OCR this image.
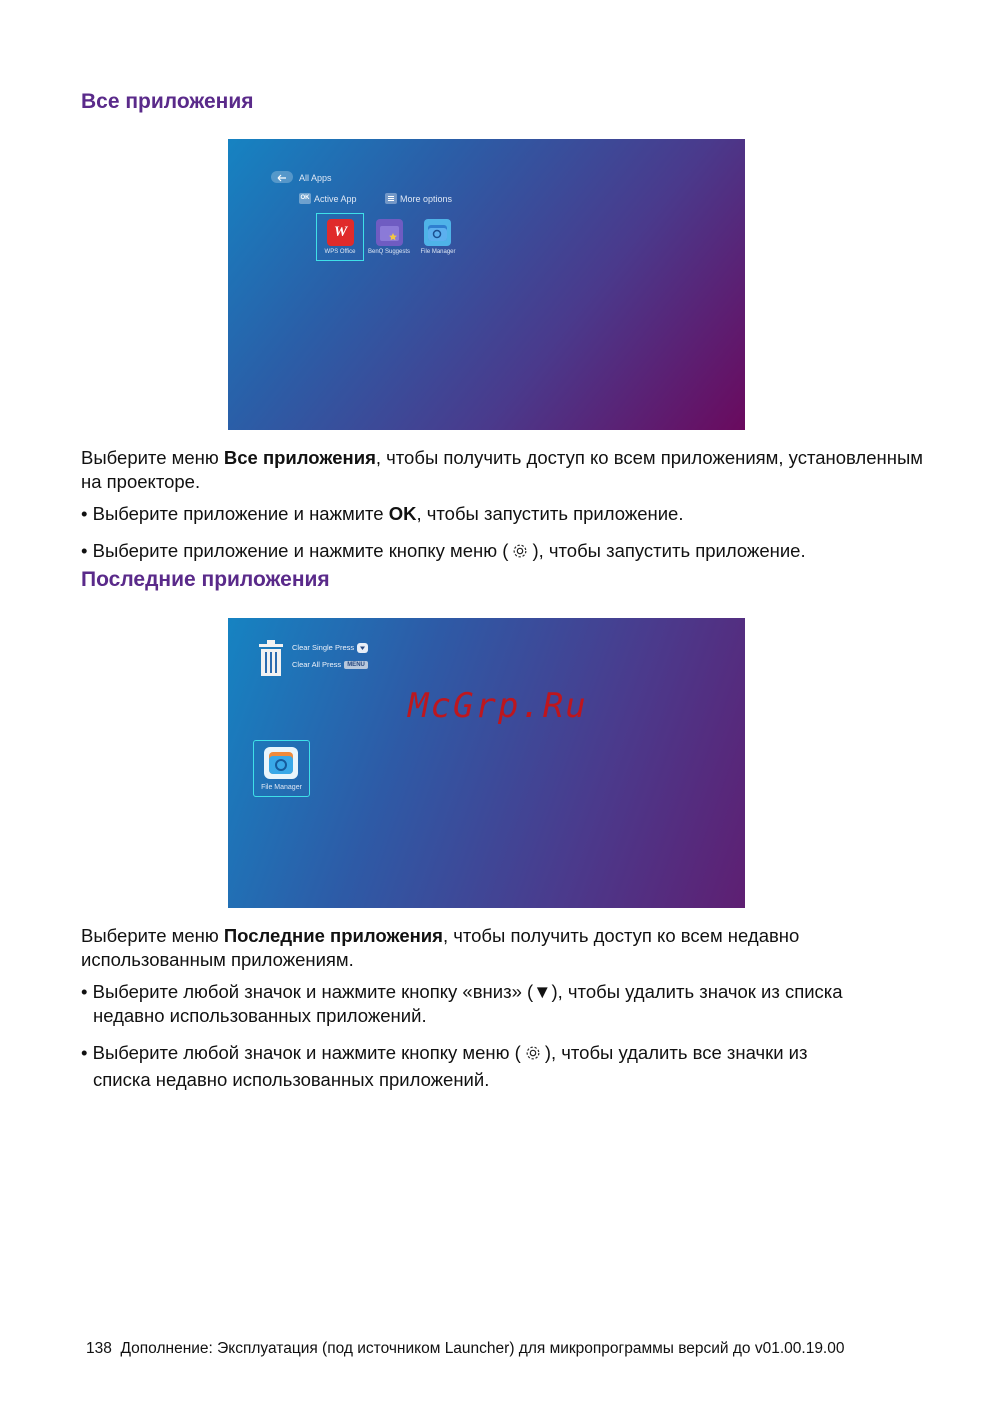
Все приложения
All Apps
OK Active App	More options
W
WPS Office	BenQ Suggests	File Manager

Выберите меню Все приложения, чтобы получить доступ ко всем приложениям, установленным на проекторе.

• Выберите приложение и нажмите OK, чтобы запустить приложение.

• Выберите приложение и нажмите кнопку меню ( ), чтобы запустить приложение.

Последние приложения
Clear Single Press
Clear All Press MENU
File Manager
McGrp.Ru

Выберите меню Последние приложения, чтобы получить доступ ко всем недавно использованным приложениям.

• Выберите любой значок и нажмите кнопку «вниз» (▼), чтобы удалить значок из списка
недавно использованных приложений.

• Выберите любой значок и нажмите кнопку меню ( ), чтобы удалить все значки из
списка недавно использованных приложений.

138 Дополнение: Эксплуатация (под источником Launcher) для микропрограммы версий до v01.00.19.00
